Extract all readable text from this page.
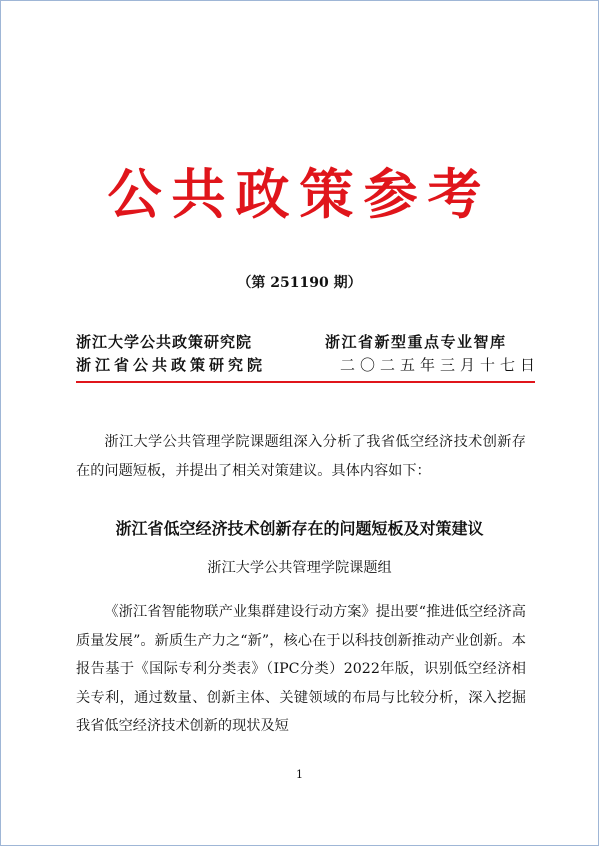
公共政策参考
（第 251190 期）
浙江大学公共政策研究院
浙江省公共政策研究院
浙江省新型重点专业智库
二〇二五年三月十七日
浙江大学公共管理学院课题组深入分析了我省低空经济技术创新存在的问题短板，并提出了相关对策建议。具体内容如下：
浙江省低空经济技术创新存在的问题短板及对策建议
浙江大学公共管理学院课题组
《浙江省智能物联产业集群建设行动方案》提出要“推进低空经济高质量发展”。新质生产力之“新”，核心在于以科技创新推动产业创新。本报告基于《国际专利分类表》（IPC分类）2022年版，识别低空经济相关专利，通过数量、创新主体、关键领域的布局与比较分析，深入挖掘我省低空经济技术创新的现状及短
1
